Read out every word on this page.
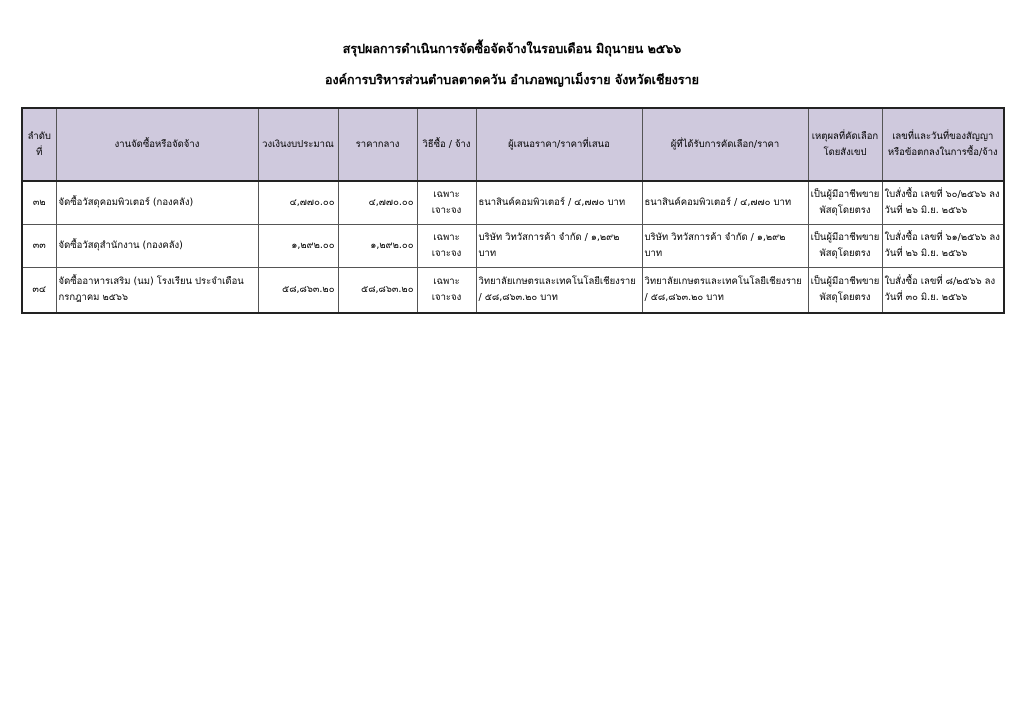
สรุปผลการดำเนินการจัดซื้อจัดจ้างในรอบเดือน มิถุนายน ๒๕๖๖
องค์การบริหารส่วนตำบลตาดควัน อำเภอพญาเม็งราย จังหวัดเชียงราย
ลำดับที่	งานจัดซื้อหรือจัดจ้าง	วงเงินงบประมาณ	ราคากลาง	วิธีซื้อ / จ้าง	ผู้เสนอราคา/ราคาที่เสนอ	ผู้ที่ได้รับการคัดเลือก/ราคา	เหตุผลที่คัดเลือกโดยสังเขป	เลขที่และวันที่ของสัญญาหรือข้อตกลงในการซื้อ/จ้าง
๓๒	จัดซื้อวัสดุคอมพิวเตอร์ (กองคลัง)	๔,๗๗๐.๐๐	๔,๗๗๐.๐๐	เฉพาะเจาะจง	ธนาสินค์คอมพิวเตอร์ / ๔,๗๗๐ บาท	ธนาสินค์คอมพิวเตอร์ / ๔,๗๗๐ บาท	เป็นผู้มีอาชีพขายพัสดุโดยตรง	ใบสั่งซื้อ เลขที่ ๖๐/๒๕๖๖ ลงวันที่ ๒๖ มิ.ย. ๒๕๖๖
๓๓	จัดซื้อวัสดุสำนักงาน (กองคลัง)	๑,๒๙๒.๐๐	๑,๒๙๒.๐๐	เฉพาะเจาะจง	บริษัท วิทวัสการค้า จำกัด / ๑,๒๙๒ บาท	บริษัท วิทวัสการค้า จำกัด / ๑,๒๙๒ บาท	เป็นผู้มีอาชีพขายพัสดุโดยตรง	ใบสั่งซื้อ เลขที่ ๖๑/๒๕๖๖ ลงวันที่ ๒๖ มิ.ย. ๒๕๖๖
๓๔	จัดซื้ออาหารเสริม (นม) โรงเรียน ประจำเดือน กรกฎาคม ๒๕๖๖	๕๘,๘๖๓.๒๐	๕๘,๘๖๓.๒๐	เฉพาะเจาะจง	วิทยาลัยเกษตรและเทคโนโลยีเชียงราย / ๕๘,๘๖๓.๒๐ บาท	วิทยาลัยเกษตรและเทคโนโลยีเชียงราย / ๕๘,๘๖๓.๒๐ บาท	เป็นผู้มีอาชีพขายพัสดุโดยตรง	ใบสั่งซื้อ เลขที่ ๘/๒๕๖๖ ลงวันที่ ๓๐ มิ.ย. ๒๕๖๖
